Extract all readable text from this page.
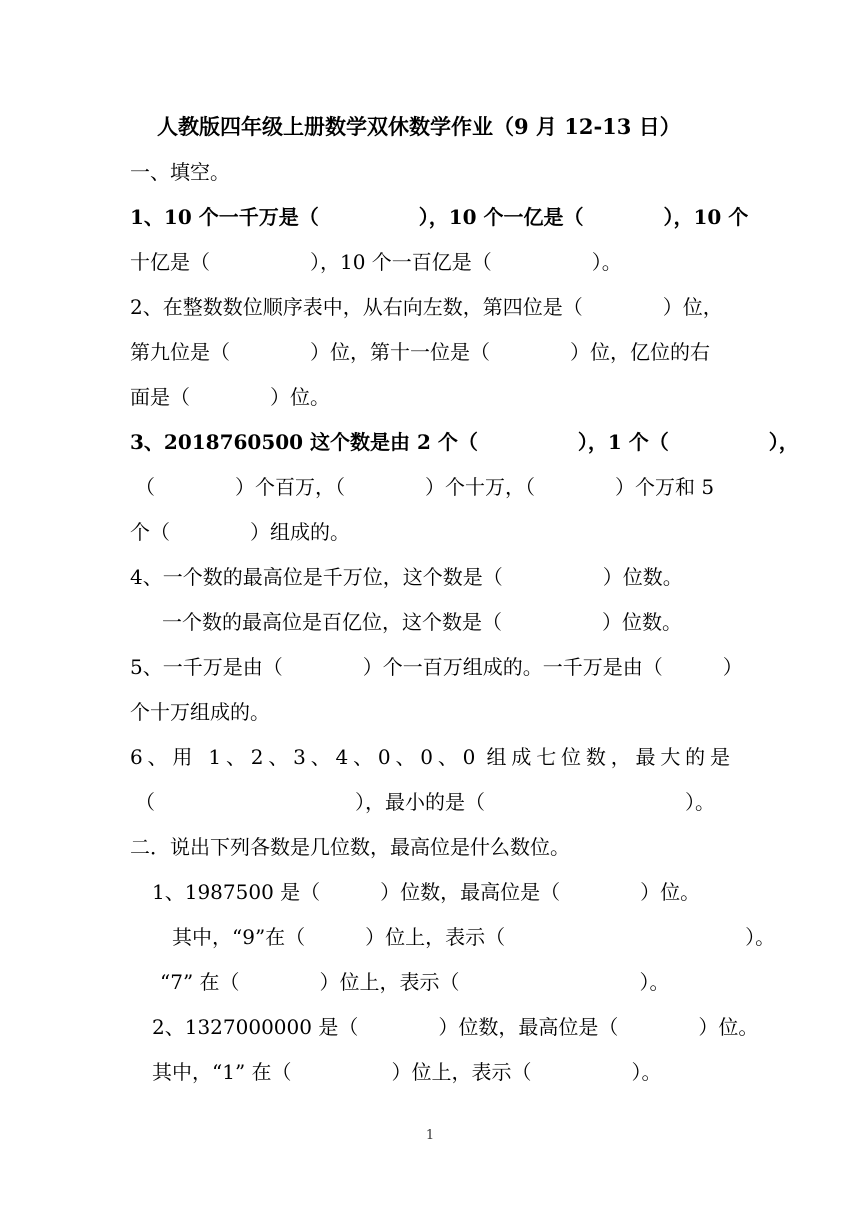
人教版四年级上册数学双休数学作业（9 月 12-13 日）

一、填空。

1、10 个一千万是（　　　　　），10 个一亿是（　　　　），10 个

十亿是（　　　　　），10 个一百亿是（　　　　　）。

2、在整数数位顺序表中，从右向左数，第四位是（　　　　）位，

第九位是（　　　　）位，第十一位是（　　　　）位，亿位的右

面是（　　　　）位。

3、2018760500 这个数是由 2 个（　　　　　），1 个（　　　　　），

（　　　　）个百万，（　　　　）个十万，（　　　　）个万和 5

个（　　　　）组成的。

4、一个数的最高位是千万位，这个数是（　　　　　）位数。

一个数的最高位是百亿位，这个数是（　　　　　）位数。

5、一千万是由（　　　　）个一百万组成的。一千万是由（　　　）

个十万组成的。

6、用 1、2、3、4、0、0、0 组成七位数，最大的是

（　　　　　　　　　　），最小的是（　　　　　　　　　　）。

二．说出下列各数是几位数，最高位是什么数位。

1、1987500 是（　　　）位数，最高位是（　　　　）位。

其中，“9”在（　　　）位上，表示（　　　　　　　　　　　　）。

“7” 在（　　　　）位上，表示（　　　　　　　　　）。

2、1327000000 是（　　　　）位数，最高位是（　　　　）位。

其中，“1” 在（　　　　　）位上，表示（　　　　　）。

1
